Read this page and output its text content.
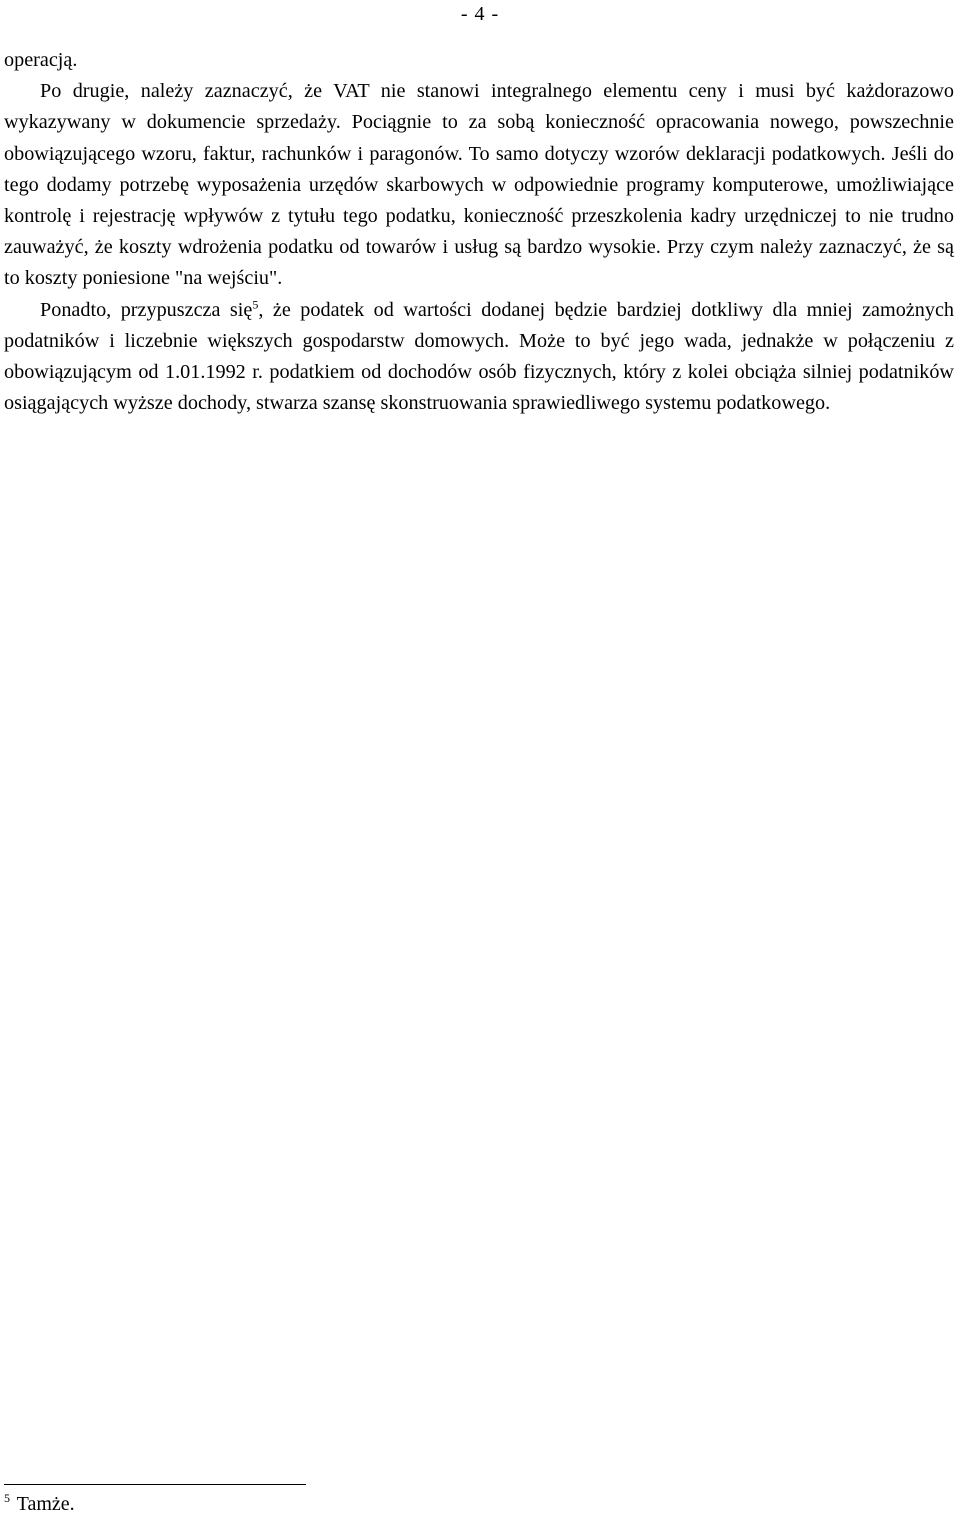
- 4 -

operacją.

Po drugie, należy zaznaczyć, że VAT nie stanowi integralnego elementu ceny i musi być każdorazowo wykazywany w dokumencie sprzedaży. Pociągnie to za sobą konieczność opracowania nowego, powszechnie obowiązującego wzoru, faktur, rachunków i paragonów. To samo dotyczy wzorów deklaracji podatkowych. Jeśli do tego dodamy potrzebę wyposażenia urzędów skarbowych w odpowiednie programy komputerowe, umożliwiające kontrolę i rejestrację wpływów z tytułu tego podatku, konieczność przeszkolenia kadry urzędniczej to nie trudno zauważyć, że koszty wdrożenia podatku od towarów i usług są bardzo wysokie. Przy czym należy zaznaczyć, że są to koszty poniesione "na wejściu".

Ponadto, przypuszcza się$^5$, że podatek od wartości dodanej będzie bardziej dotkliwy dla mniej zamożnych podatników i liczebnie większych gospodarstw domowych. Może to być jego wada, jednakże w połączeniu z obowiązującym od 1.01.1992 r. podatkiem od dochodów osób fizycznych, który z kolei obciąża silniej podatników osiągających wyższe dochody, stwarza szansę skonstruowania sprawiedliwego systemu podatkowego.

$^5$ Tamże.
